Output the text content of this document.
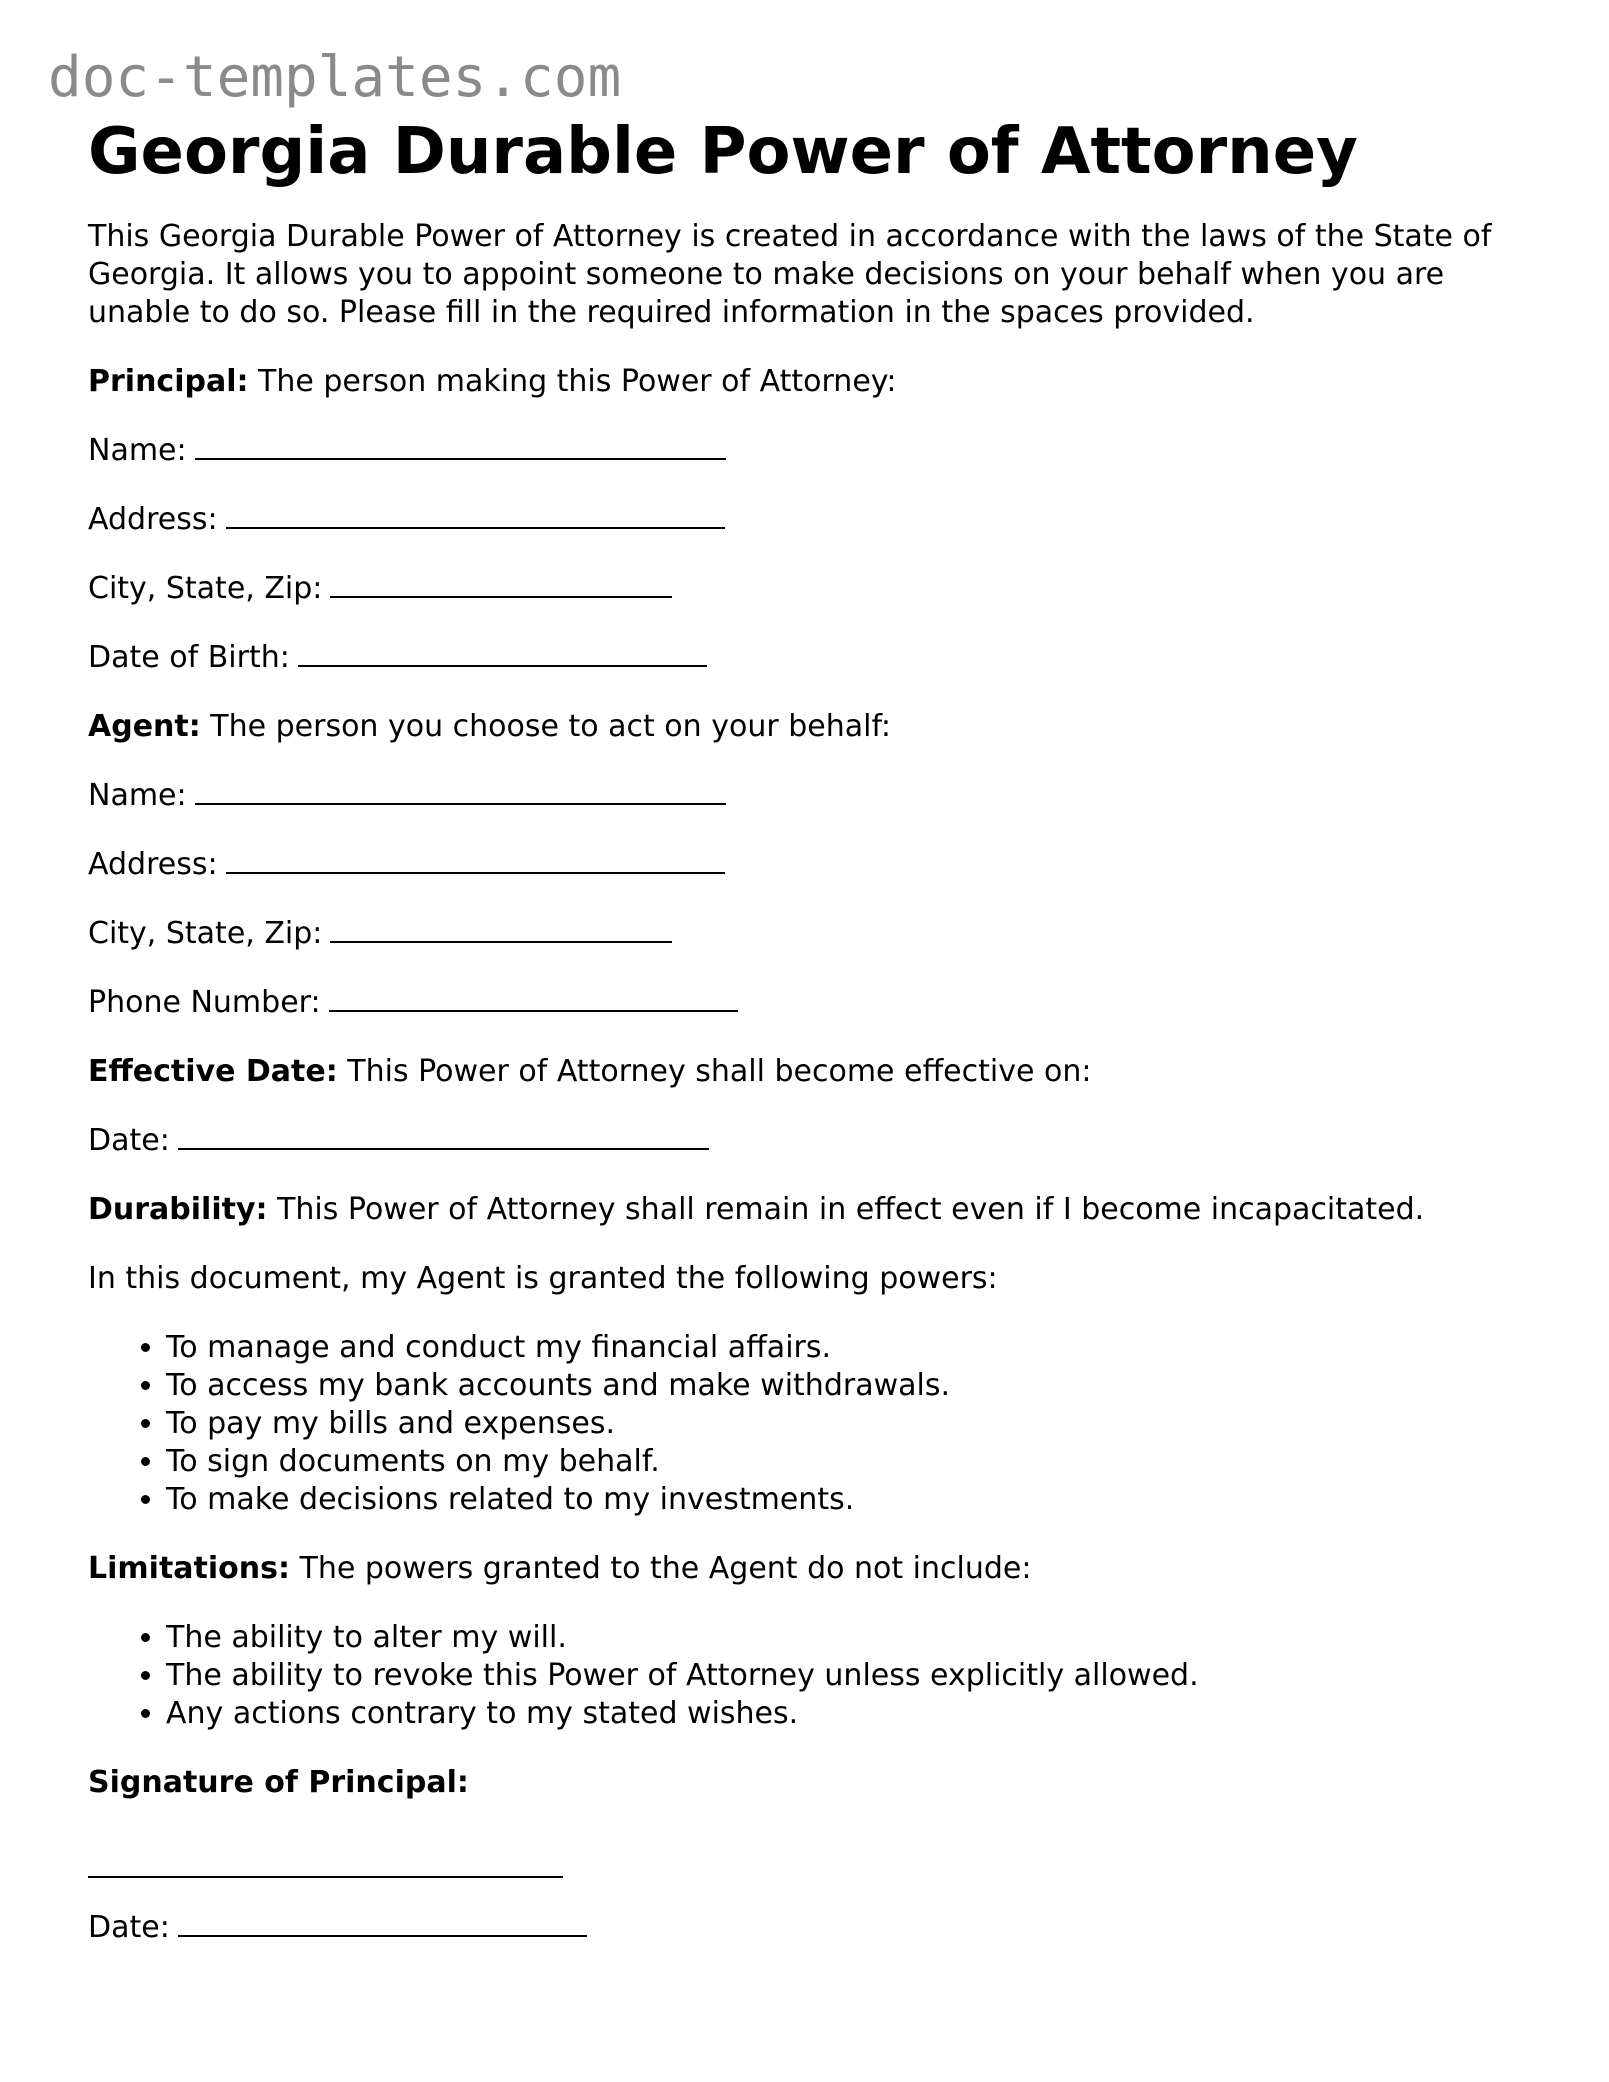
doc-templates.com
Georgia Durable Power of Attorney

This Georgia Durable Power of Attorney is created in accordance with the laws of the State of Georgia. It allows you to appoint someone to make decisions on your behalf when you are unable to do so. Please fill in the required information in the spaces provided.

Principal: The person making this Power of Attorney:

Name:

Address:

City, State, Zip:

Date of Birth:

Agent: The person you choose to act on your behalf:

Name:

Address:

City, State, Zip:

Phone Number:

Effective Date: This Power of Attorney shall become effective on:

Date:

Durability: This Power of Attorney shall remain in effect even if I become incapacitated.

In this document, my Agent is granted the following powers:

• To manage and conduct my financial affairs.
• To access my bank accounts and make withdrawals.
• To pay my bills and expenses.
• To sign documents on my behalf.
• To make decisions related to my investments.

Limitations: The powers granted to the Agent do not include:

• The ability to alter my will.
• The ability to revoke this Power of Attorney unless explicitly allowed.
• Any actions contrary to my stated wishes.

Signature of Principal:

Date:
